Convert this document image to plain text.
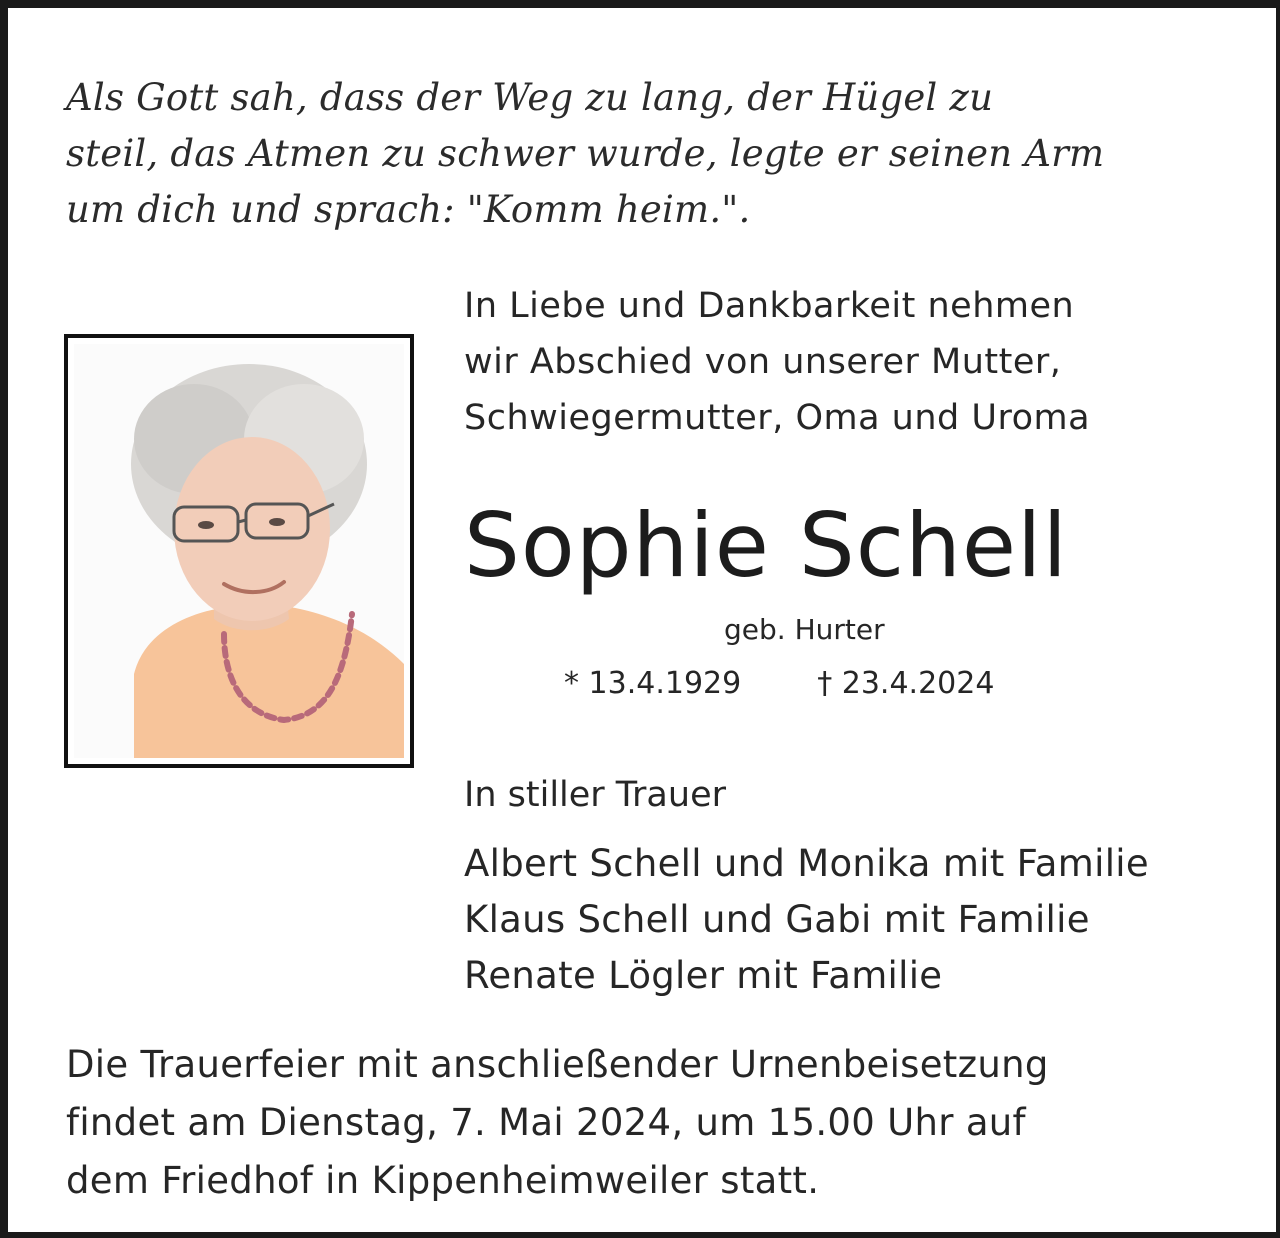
Als Gott sah, dass der Weg zu lang, der Hügel zu
steil, das Atmen zu schwer wurde, legte er seinen Arm
um dich und sprach: "Komm heim.".
In Liebe und Dankbarkeit nehmen
wir Abschied von unserer Mutter,
Schwiegermutter, Oma und Uroma
Sophie Schell
geb. Hurter
* 13.4.1929	† 23.4.2024
In stiller Trauer
Albert Schell und Monika mit Familie
Klaus Schell und Gabi mit Familie
Renate Lögler mit Familie
Die Trauerfeier mit anschließender Urnenbeisetzung
findet am Dienstag, 7. Mai 2024, um 15.00 Uhr auf
dem Friedhof in Kippenheimweiler statt.
